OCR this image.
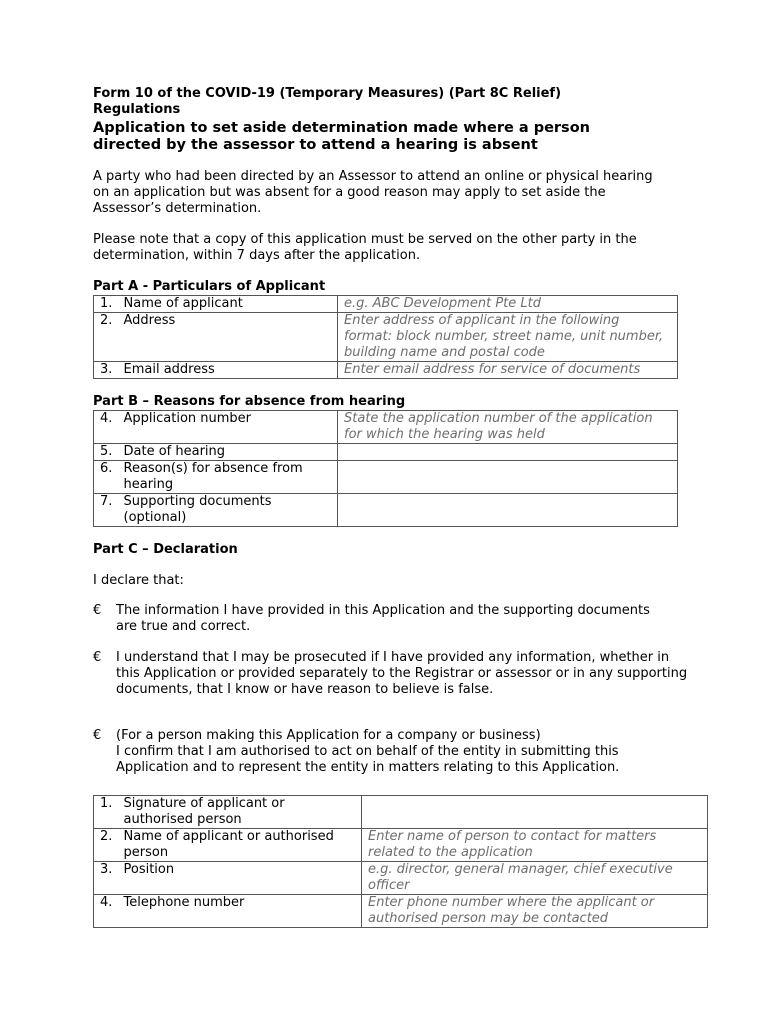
Form 10 of the COVID-19 (Temporary Measures) (Part 8C Relief) Regulations
Application to set aside determination made where a person directed by the assessor to attend a hearing is absent

A party who had been directed by an Assessor to attend an online or physical hearing on an application but was absent for a good reason may apply to set aside the Assessor’s determination.

Please note that a copy of this application must be served on the other party in the determination, within 7 days after the application.

Part A - Particulars of Applicant
1.	Name of applicant	e.g. ABC Development Pte Ltd
2.	Address	Enter address of applicant in the following format: block number, street name, unit number, building name and postal code
3.	Email address	Enter email address for service of documents
Part B – Reasons for absence from hearing
4.	Application number	State the application number of the application for which the hearing was held
5.	Date of hearing	
6.	Reason(s) for absence from hearing	
7.	Supporting documents (optional)	
Part C – Declaration

I declare that:

€	The information I have provided in this Application and the supporting documents are true and correct.
€	I understand that I may be prosecuted if I have provided any information, whether in this Application or provided separately to the Registrar or assessor or in any supporting documents, that I know or have reason to believe is false.
€	(For a person making this Application for a company or business)
I confirm that I am authorised to act on behalf of the entity in submitting this Application and to represent the entity in matters relating to this Application.
1.	Signature of applicant or authorised person	
2.	Name of applicant or authorised person	Enter name of person to contact for matters related to the application
3.	Position	e.g. director, general manager, chief executive officer
4.	Telephone number	Enter phone number where the applicant or authorised person may be contacted
